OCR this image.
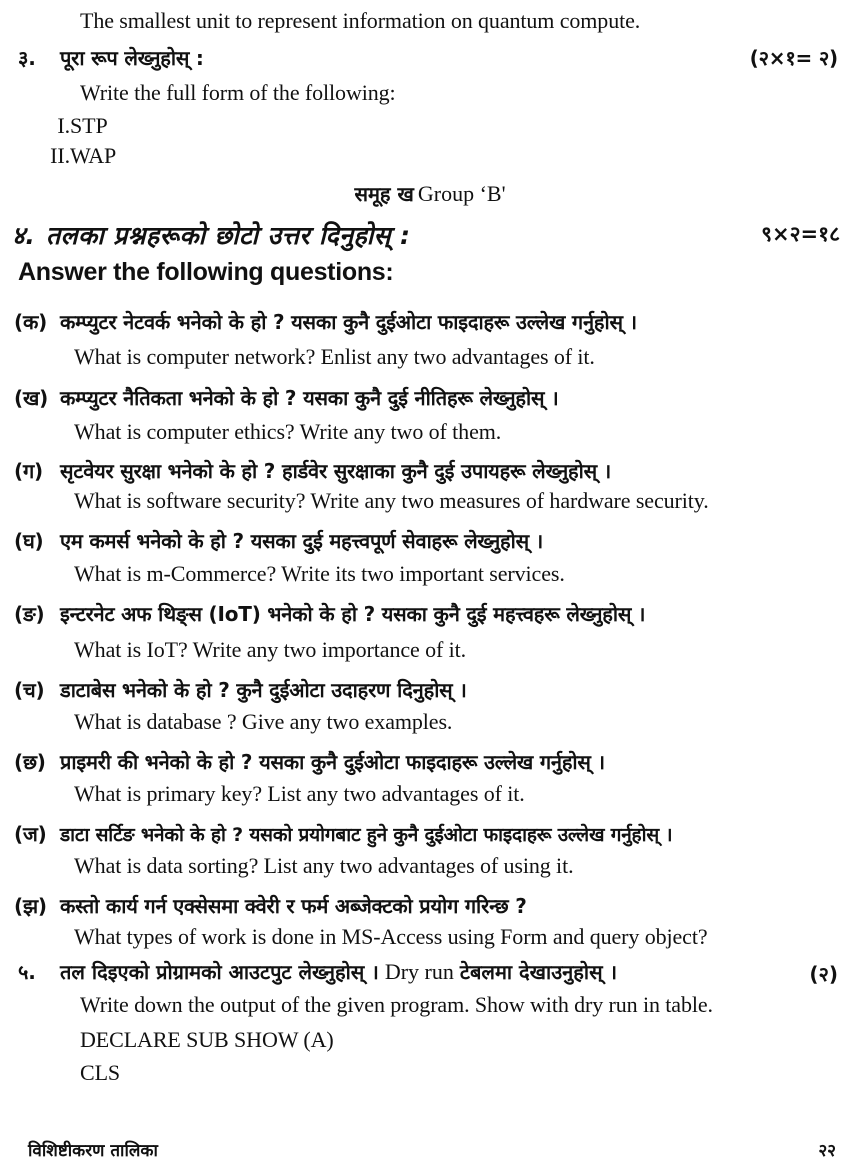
The smallest unit to represent information on quantum compute.
३.	पूरा रूप लेख्नुहोस् :	(२×१= २)
Write the full form of the following:
I. STP
II. WAP
समूह ख Group ‘B'
४. तलका प्रश्नहरूको छोटो उत्तर दिनुहोस् :	९×२=१८
Answer the following questions:
(क) कम्प्युटर नेटवर्क भनेको के हो ? यसका कुनै दुईओटा फाइदाहरू उल्लेख गर्नुहोस् ।
What is computer network? Enlist any two advantages of it.
(ख) कम्प्युटर नैतिकता भनेको के हो ? यसका कुनै दुई नीतिहरू लेख्नुहोस् ।
What is computer ethics? Write any two of them.
(ग) सृटवेयर सुरक्षा भनेको के हो ? हार्डवेर सुरक्षाका कुनै दुई उपायहरू लेख्नुहोस् ।
What is software security? Write any two measures of hardware security.
(घ) एम कमर्स भनेको के हो ? यसका दुई महत्त्वपूर्ण सेवाहरू लेख्नुहोस् ।
What is m-Commerce? Write its two important services.
(ङ) इन्टरनेट अफ थिङ्स (IoT) भनेको के हो ? यसका कुनै दुई महत्त्वहरू लेख्नुहोस् ।
What is IoT? Write any two importance of it.
(च) डाटाबेस भनेको के हो ? कुनै दुईओटा उदाहरण दिनुहोस् ।
What is database ? Give any two examples.
(छ) प्राइमरी की भनेको के हो ? यसका कुनै दुईओटा फाइदाहरू उल्लेख गर्नुहोस् ।
What is primary key? List any two advantages of it.
(ज) डाटा सर्टिङ भनेको के हो ? यसको प्रयोगबाट हुने कुनै दुईओटा फाइदाहरू उल्लेख गर्नुहोस् ।
What is data sorting? List any two advantages of using it.
(झ) कस्तो कार्य गर्न एक्सेसमा क्वेरी र फर्म अब्जेक्टको प्रयोग गरिन्छ ?
What types of work is done in MS-Access using Form and query object?
५.	तल दिइएको प्रोग्रामको आउटपुट लेख्नुहोस् । Dry run टेबलमा देखाउनुहोस् ।	(२)
Write down the output of the given program. Show with dry run in table.
DECLARE SUB SHOW (A)
CLS
विशिष्टीकरण तालिका	२२
